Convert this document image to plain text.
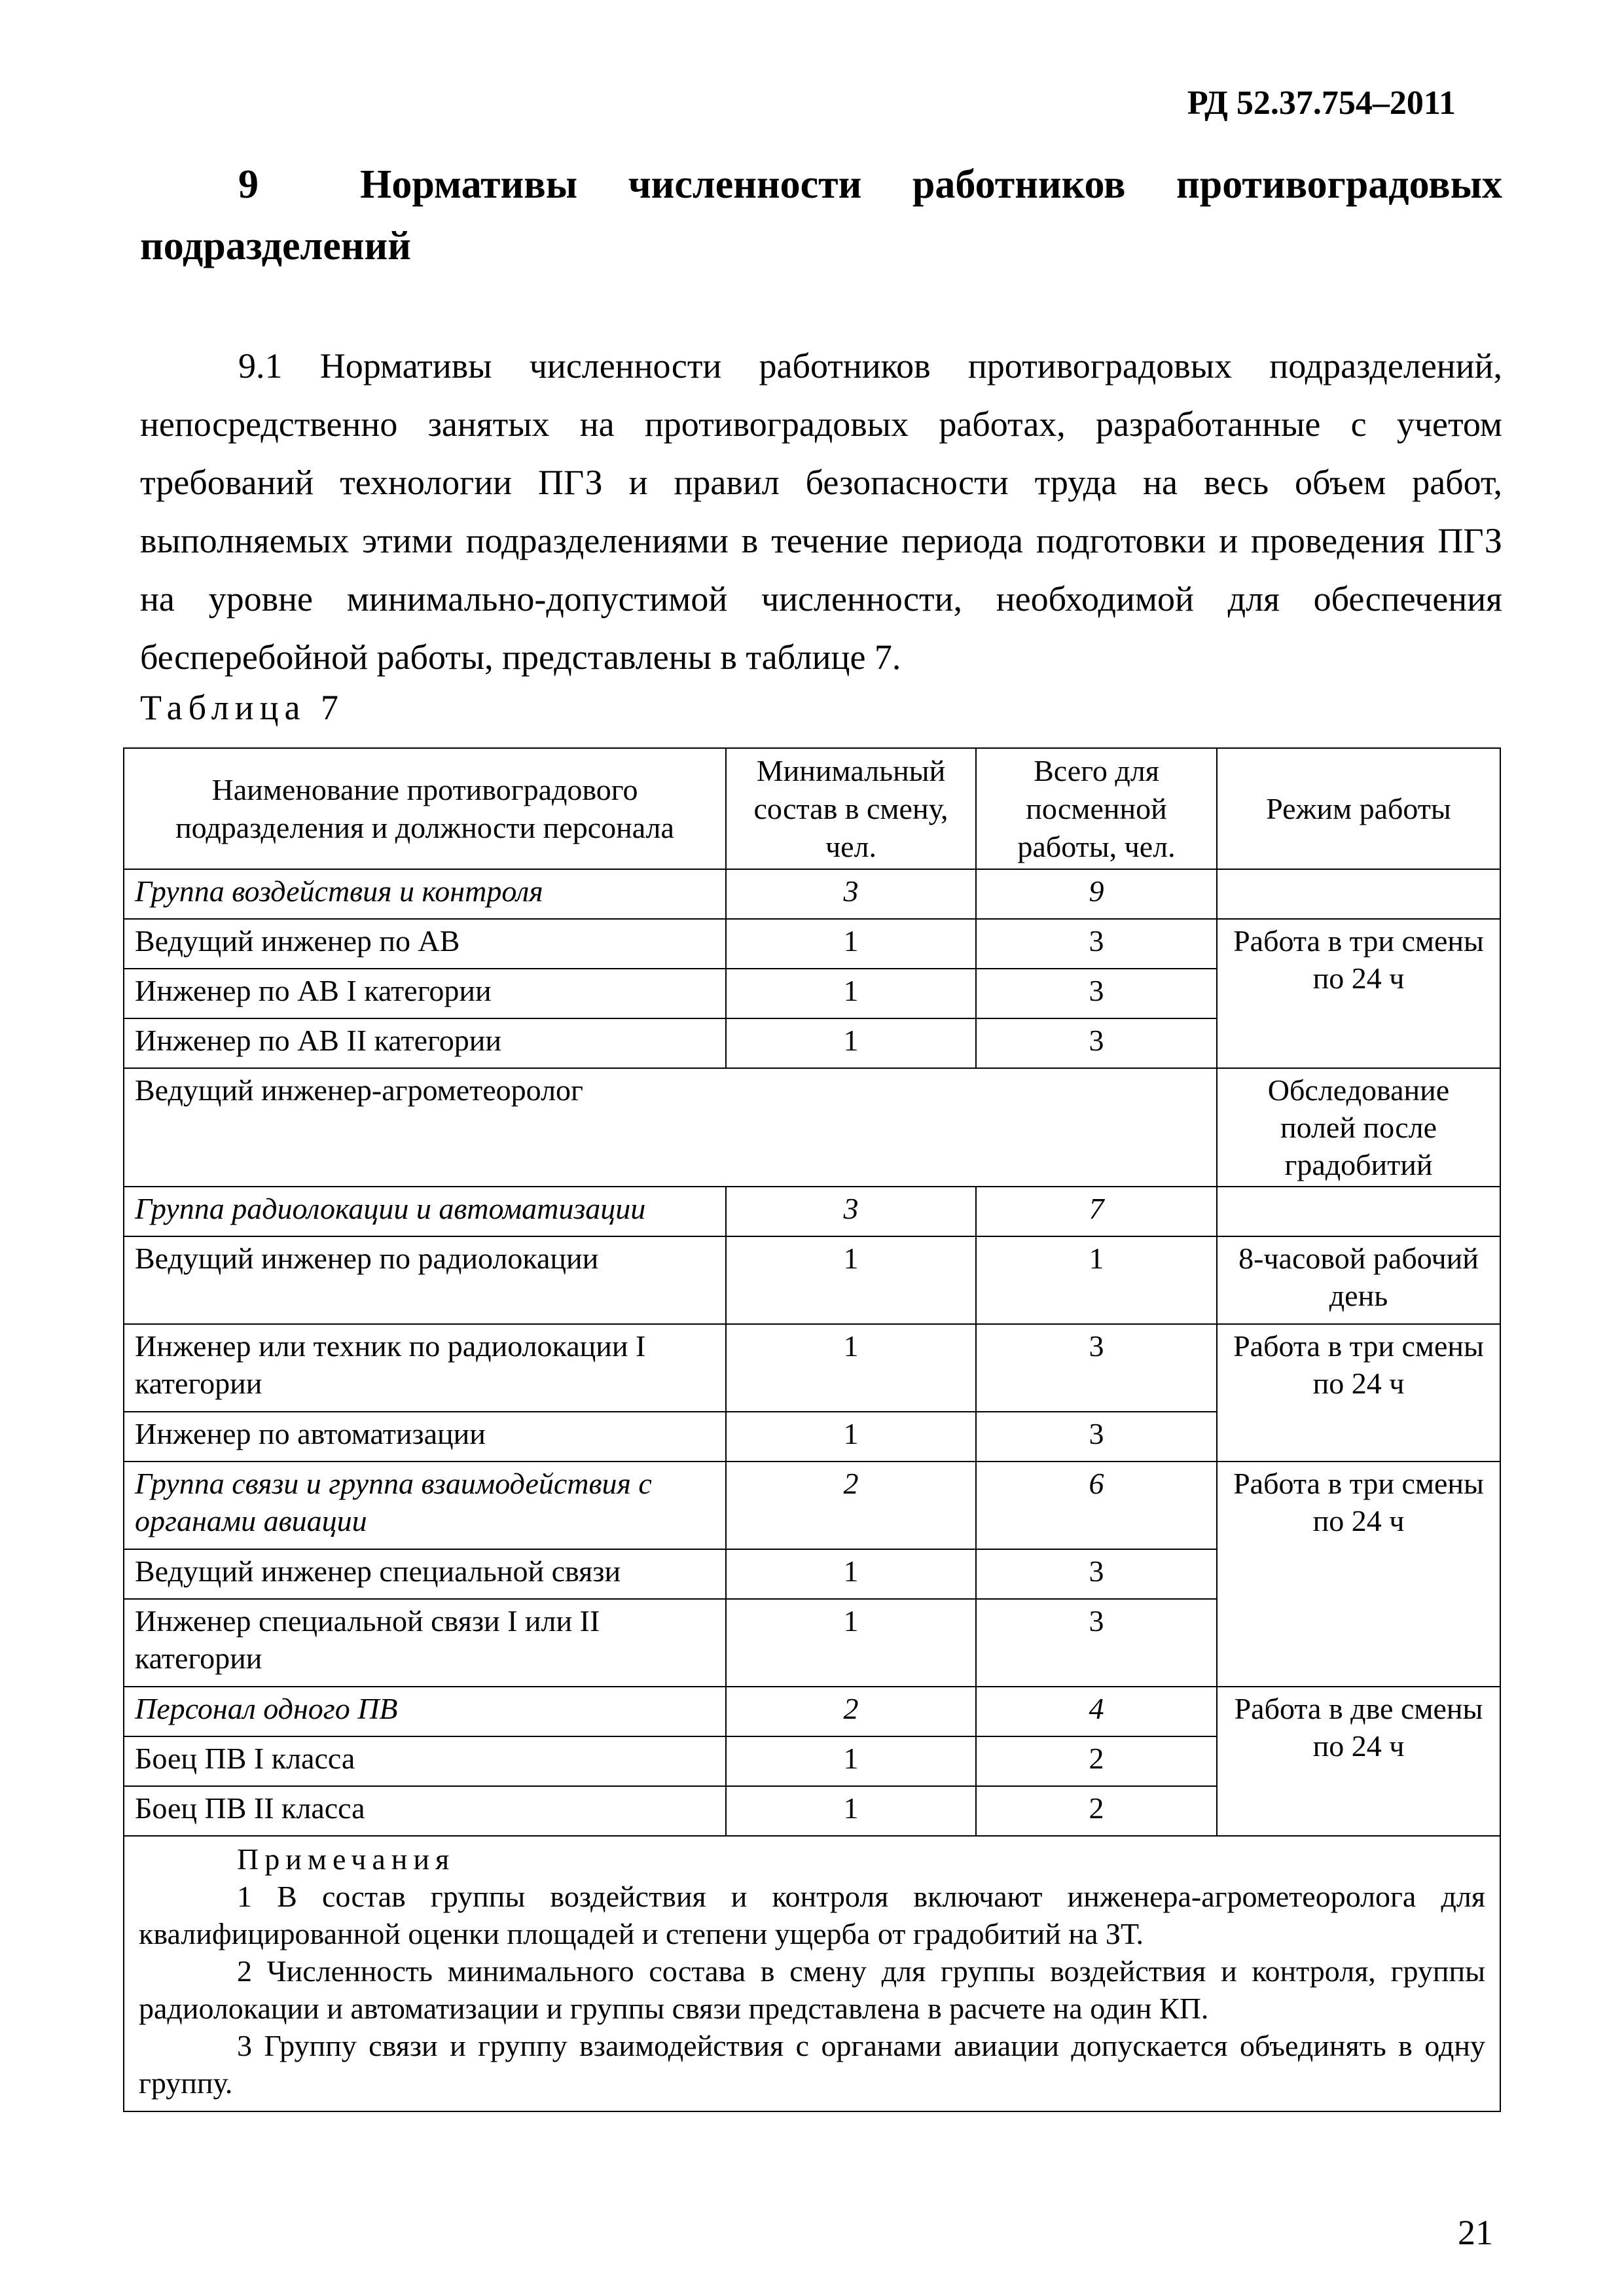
РД 52.37.754–2011

9	Нормативы численности работников противоградовых подразделений

9.1 Нормативы численности работников противоградовых подразделений, непосредственно занятых на противоградовых работах, разработанные с учетом требований технологии ПГЗ и правил безопасности труда на весь объем работ, выполняемых этими подразделениями в течение периода подготовки и проведения ПГЗ на уровне минимально-допустимой численности, необходимой для обеспечения бесперебойной работы, представлены в таблице 7.

Таблица 7

Наименование противоградового подразделения и должности персонала	Минимальный состав в смену, чел.	Всего для посменной работы, чел.	Режим работы
Группа воздействия и контроля	3	9	
Ведущий инженер по АВ	1	3	Работа в три смены по 24 ч
Инженер по АВ I категории	1	3	
Инженер по АВ II категории	1	3	
Ведущий инженер-агрометеоролог			Обследование полей после градобитий
Группа радиолокации и автоматизации	3	7	
Ведущий инженер по радиолокации	1	1	8-часовой рабочий день
Инженер или техник по радиолокации I категории	1	3	Работа в три смены по 24 ч
Инженер по автоматизации	1	3	
Группа связи и группа взаимодействия с органами авиации	2	6	Работа в три смены по 24 ч
Ведущий инженер специальной связи	1	3	
Инженер специальной связи I или II категории	1	3	
Персонал одного ПВ	2	4	Работа в две смены по 24 ч
Боец ПВ I класса	1	2	
Боец ПВ II класса	1	2	

Примечания

1 В состав группы воздействия и контроля включают инженера-агрометеоролога для квалифицированной оценки площадей и степени ущерба от градобитий на ЗТ.

2 Численность минимального состава в смену для группы воздействия и контроля, группы радиолокации и автоматизации и группы связи представлена в расчете на один КП.

3 Группу связи и группу взаимодействия с органами авиации допускается объединять в одну группу.			

21
